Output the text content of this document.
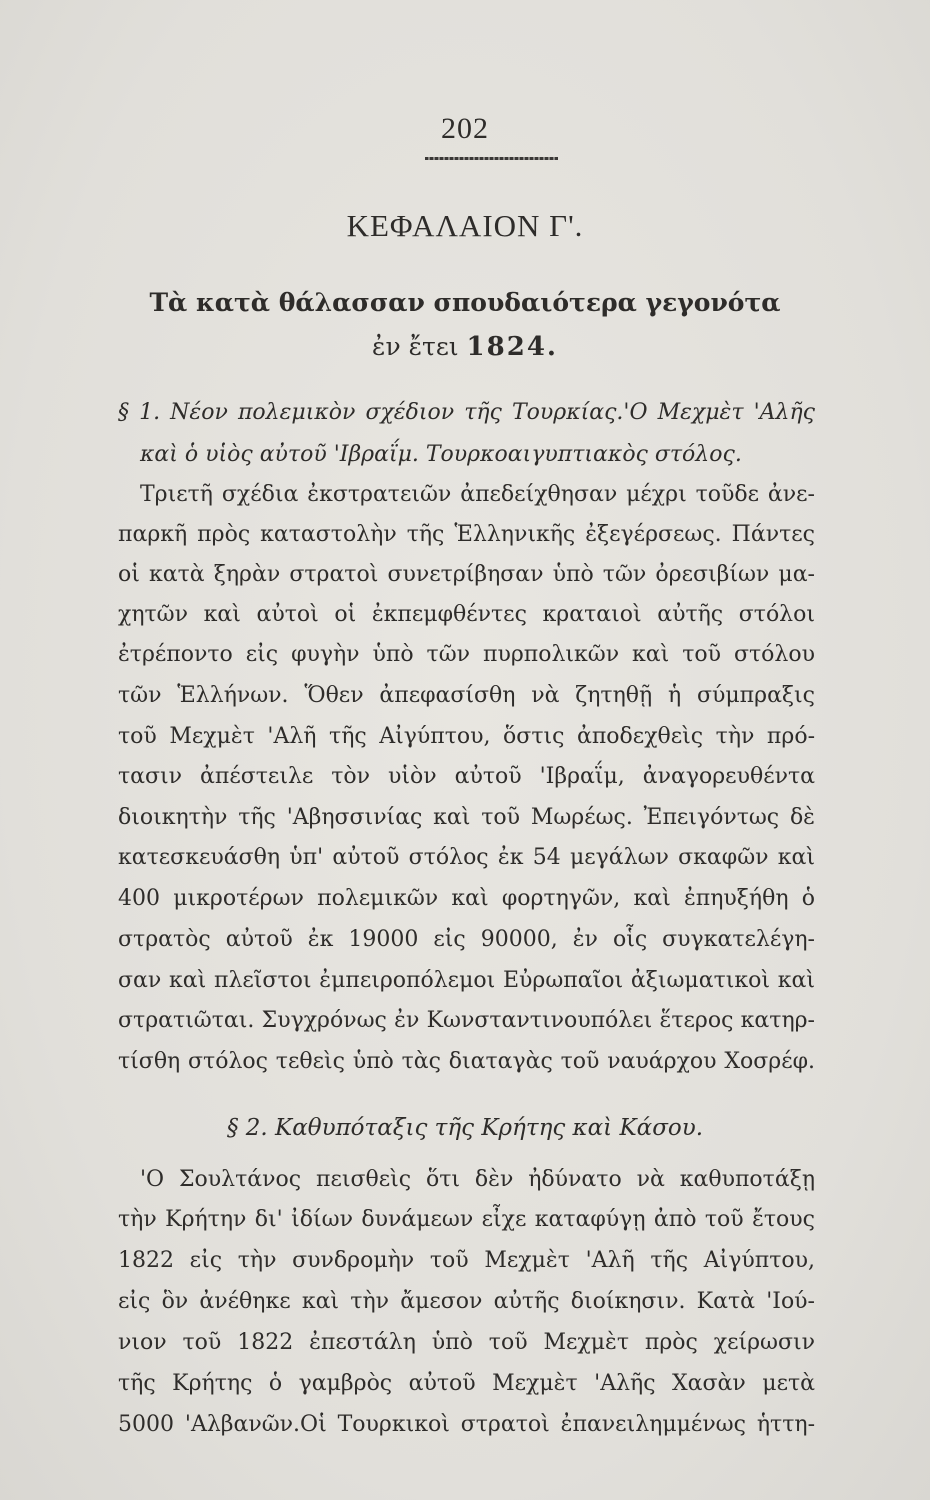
202
ΚΕΦΑΛΑΙΟΝ Γ'.
Τὰ κατὰ θάλασσαν σπουδαιότερα γεγονότα
ἐν ἔτει 1824.
§ 1. Νέον πολεμικὸν σχέδιον τῆς Τουρκίας.'Ο Μεχμὲτ 'Αλῆς
καὶ ὁ υἱὸς αὐτοῦ 'Ιβραΐμ. Τουρκοαιγυπτιακὸς στόλος.
Τριετῆ σχέδια ἐκστρατειῶν ἀπεδείχθησαν μέχρι τοῦδε ἀνε-
παρκῆ πρὸς καταστολὴν τῆς Ἑλληνικῆς ἐξεγέρσεως. Πάντες
οἱ κατὰ ξηρὰν στρατοὶ συνετρίβησαν ὑπὸ τῶν ὀρεσιβίων μα-
χητῶν καὶ αὐτοὶ οἱ ἐκπεμφθέντες κραταιοὶ αὐτῆς στόλοι
ἐτρέποντο εἰς φυγὴν ὑπὸ τῶν πυρπολικῶν καὶ τοῦ στόλου
τῶν Ἑλλήνων. Ὅθεν ἀπεφασίσθη νὰ ζητηθῇ ἡ σύμπραξις
τοῦ Μεχμὲτ 'Αλῆ τῆς Αἰγύπτου, ὅστις ἀποδεχθεὶς τὴν πρό-
τασιν ἀπέστειλε τὸν υἱὸν αὐτοῦ 'Ιβραΐμ, ἀναγορευθέντα
διοικητὴν τῆς 'Αβησσινίας καὶ τοῦ Μωρέως. Ἐπειγόντως δὲ
κατεσκευάσθη ὑπ' αὐτοῦ στόλος ἐκ 54 μεγάλων σκαφῶν καὶ
400 μικροτέρων πολεμικῶν καὶ φορτηγῶν, καὶ ἐπηυξήθη ὁ
στρατὸς αὐτοῦ ἐκ 19000 εἰς 90000, ἐν οἷς συγκατελέγη-
σαν καὶ πλεῖστοι ἐμπειροπόλεμοι Εὐρωπαῖοι ἀξιωματικοὶ καὶ
στρατιῶται. Συγχρόνως ἐν Κωνσταντινουπόλει ἕτερος κατηρ-
τίσθη στόλος τεθεὶς ὑπὸ τὰς διαταγὰς τοῦ ναυάρχου Χοσρέφ.
§ 2. Καθυπόταξις τῆς Κρήτης καὶ Κάσου.
'Ο Σουλτάνος πεισθεὶς ὅτι δὲν ἠδύνατο νὰ καθυποτάξῃ
τὴν Κρήτην δι' ἰδίων δυνάμεων εἶχε καταφύγῃ ἀπὸ τοῦ ἔτους
1822 εἰς τὴν συνδρομὴν τοῦ Μεχμὲτ 'Αλῆ τῆς Αἰγύπτου,
εἰς ὃν ἀνέθηκε καὶ τὴν ἄμεσον αὐτῆς διοίκησιν. Κατὰ 'Ιού-
νιον τοῦ 1822 ἐπεστάλη ὑπὸ τοῦ Μεχμὲτ πρὸς χείρωσιν
τῆς Κρήτης ὁ γαμβρὸς αὐτοῦ Μεχμὲτ 'Αλῆς Χασὰν μετὰ
5000 'Αλβανῶν.Οἱ Τουρκικοὶ στρατοὶ ἐπανειλημμένως ἡττη-
